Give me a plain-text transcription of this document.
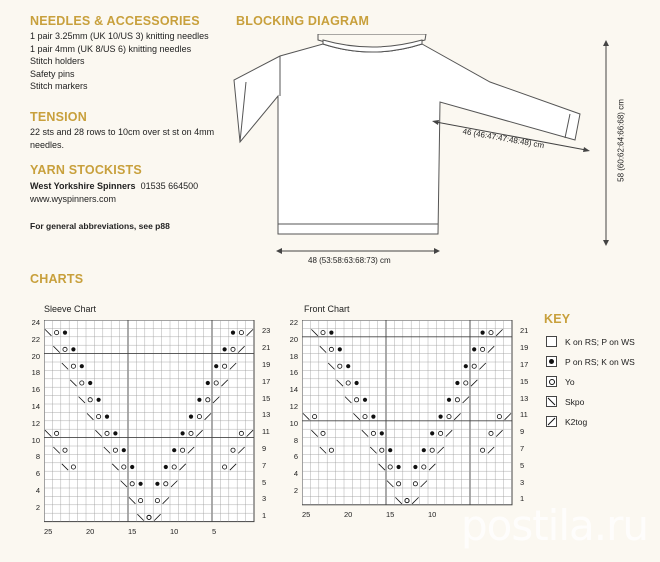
NEEDLES & ACCESSORIES
1 pair 3.25mm (UK 10/US 3) knitting needles
1 pair 4mm (UK 8/US 6) knitting needles
Stitch holders
Safety pins
Stitch markers
TENSION
22 sts and 28 rows to 10cm over st st on 4mm
needles.
YARN STOCKISTS
West Yorkshire Spinners 01535 664500
www.wyspinners.com
For general abbreviations, see p88
BLOCKING DIAGRAM
58 (60:62:64:66:68) cm
46 (46:47:47:48:48) cm
48 (53:58:63:68:73) cm
CHARTS
Sleeve Chart	Front Chart
24
22
20
18
16
14
12
10
8
6
4
2
23
21
19
17
15
13
11
9
7
5
3
1
25	20	15	10	5
22
20
18
16
14
12
10
8
6
4
2
21
19
17
15
13
11
9
7
5
3
1
25	20	15	10
KEY
K on RS; P on WS
P on RS; K on WS
Yo
Skpo
K2tog
postila.ru
